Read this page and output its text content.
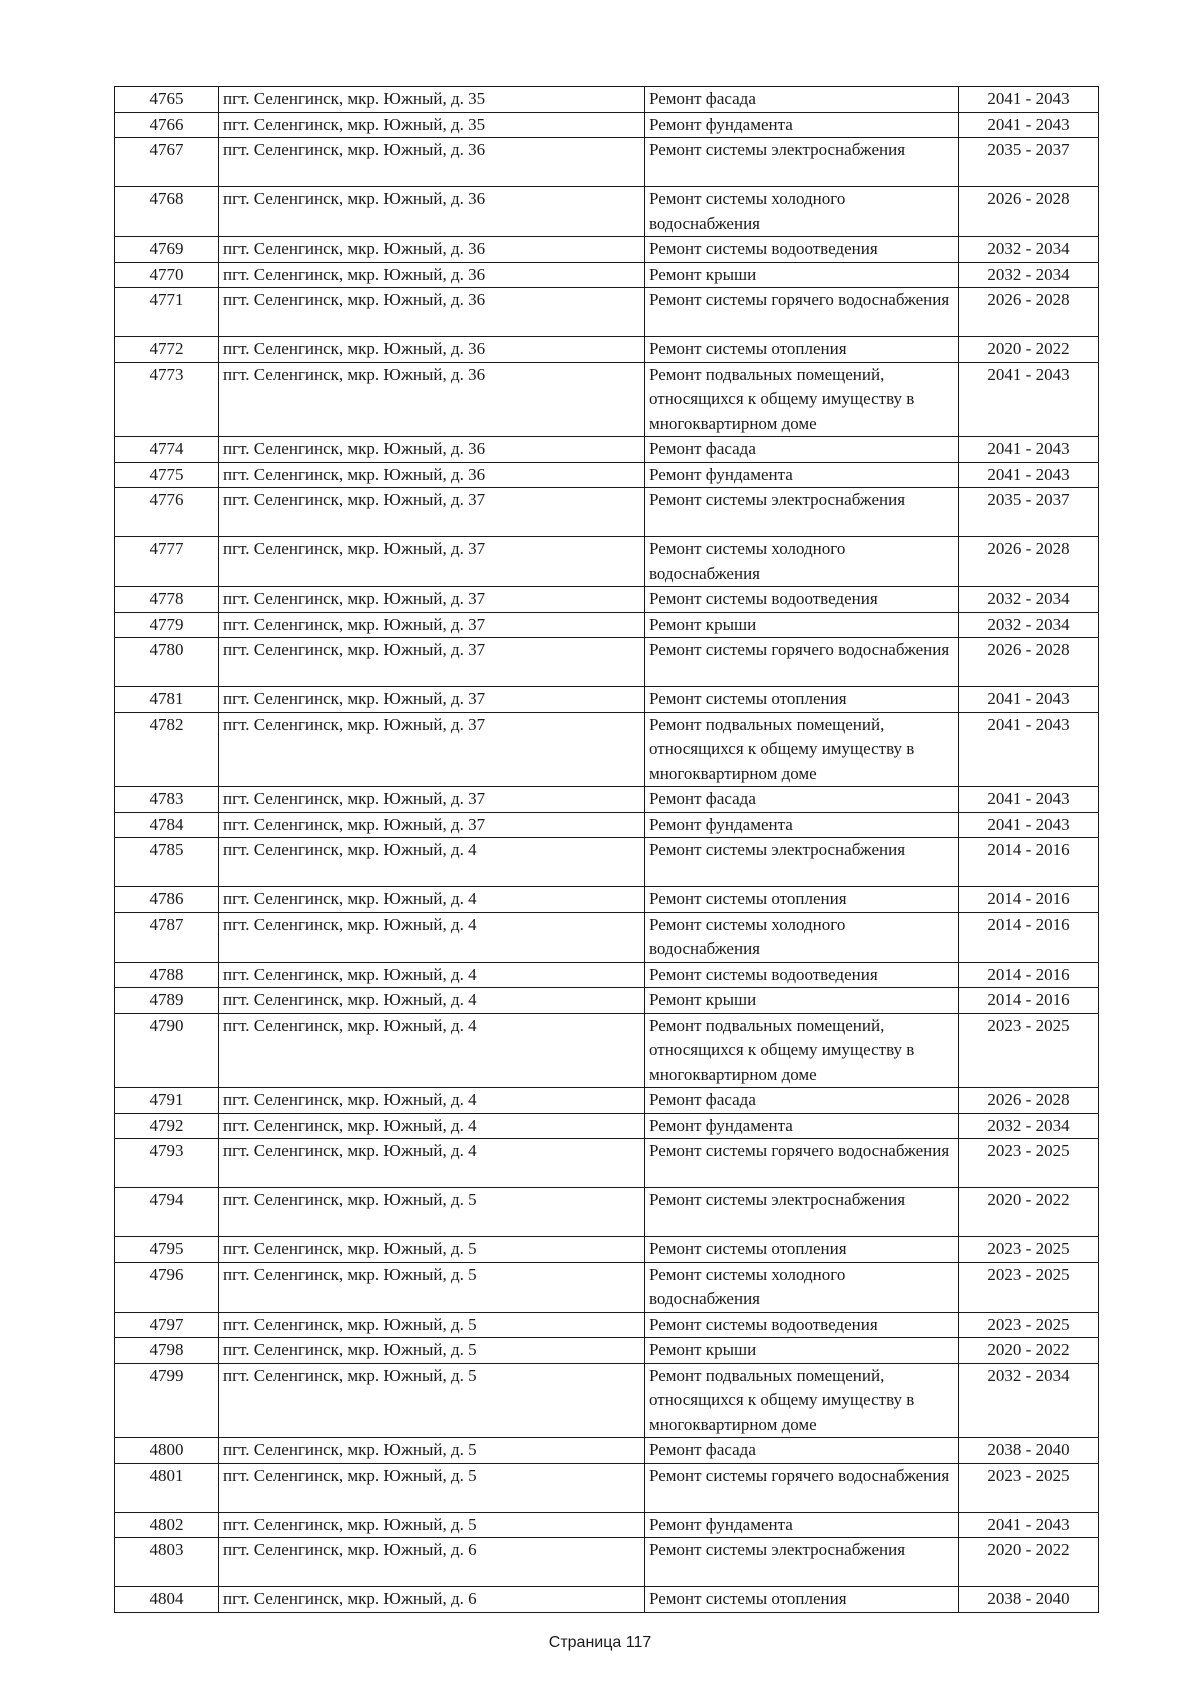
4765	пгт. Селенгинск, мкр. Южный, д. 35	Ремонт фасада	2041 - 2043
4766	пгт. Селенгинск, мкр. Южный, д. 35	Ремонт фундамента	2041 - 2043
4767	пгт. Селенгинск, мкр. Южный, д. 36	Ремонт системы электроснабжения	2035 - 2037
4768	пгт. Селенгинск, мкр. Южный, д. 36	Ремонт системы холодного водоснабжения	2026 - 2028
4769	пгт. Селенгинск, мкр. Южный, д. 36	Ремонт системы водоотведения	2032 - 2034
4770	пгт. Селенгинск, мкр. Южный, д. 36	Ремонт крыши	2032 - 2034
4771	пгт. Селенгинск, мкр. Южный, д. 36	Ремонт системы горячего водоснабжения	2026 - 2028
4772	пгт. Селенгинск, мкр. Южный, д. 36	Ремонт системы отопления	2020 - 2022
4773	пгт. Селенгинск, мкр. Южный, д. 36	Ремонт подвальных помещений, относящихся к общему имуществу в многоквартирном доме	2041 - 2043
4774	пгт. Селенгинск, мкр. Южный, д. 36	Ремонт фасада	2041 - 2043
4775	пгт. Селенгинск, мкр. Южный, д. 36	Ремонт фундамента	2041 - 2043
4776	пгт. Селенгинск, мкр. Южный, д. 37	Ремонт системы электроснабжения	2035 - 2037
4777	пгт. Селенгинск, мкр. Южный, д. 37	Ремонт системы холодного водоснабжения	2026 - 2028
4778	пгт. Селенгинск, мкр. Южный, д. 37	Ремонт системы водоотведения	2032 - 2034
4779	пгт. Селенгинск, мкр. Южный, д. 37	Ремонт крыши	2032 - 2034
4780	пгт. Селенгинск, мкр. Южный, д. 37	Ремонт системы горячего водоснабжения	2026 - 2028
4781	пгт. Селенгинск, мкр. Южный, д. 37	Ремонт системы отопления	2041 - 2043
4782	пгт. Селенгинск, мкр. Южный, д. 37	Ремонт подвальных помещений, относящихся к общему имуществу в многоквартирном доме	2041 - 2043
4783	пгт. Селенгинск, мкр. Южный, д. 37	Ремонт фасада	2041 - 2043
4784	пгт. Селенгинск, мкр. Южный, д. 37	Ремонт фундамента	2041 - 2043
4785	пгт. Селенгинск, мкр. Южный, д. 4	Ремонт системы электроснабжения	2014 - 2016
4786	пгт. Селенгинск, мкр. Южный, д. 4	Ремонт системы отопления	2014 - 2016
4787	пгт. Селенгинск, мкр. Южный, д. 4	Ремонт системы холодного водоснабжения	2014 - 2016
4788	пгт. Селенгинск, мкр. Южный, д. 4	Ремонт системы водоотведения	2014 - 2016
4789	пгт. Селенгинск, мкр. Южный, д. 4	Ремонт крыши	2014 - 2016
4790	пгт. Селенгинск, мкр. Южный, д. 4	Ремонт подвальных помещений, относящихся к общему имуществу в многоквартирном доме	2023 - 2025
4791	пгт. Селенгинск, мкр. Южный, д. 4	Ремонт фасада	2026 - 2028
4792	пгт. Селенгинск, мкр. Южный, д. 4	Ремонт фундамента	2032 - 2034
4793	пгт. Селенгинск, мкр. Южный, д. 4	Ремонт системы горячего водоснабжения	2023 - 2025
4794	пгт. Селенгинск, мкр. Южный, д. 5	Ремонт системы электроснабжения	2020 - 2022
4795	пгт. Селенгинск, мкр. Южный, д. 5	Ремонт системы отопления	2023 - 2025
4796	пгт. Селенгинск, мкр. Южный, д. 5	Ремонт системы холодного водоснабжения	2023 - 2025
4797	пгт. Селенгинск, мкр. Южный, д. 5	Ремонт системы водоотведения	2023 - 2025
4798	пгт. Селенгинск, мкр. Южный, д. 5	Ремонт крыши	2020 - 2022
4799	пгт. Селенгинск, мкр. Южный, д. 5	Ремонт подвальных помещений, относящихся к общему имуществу в многоквартирном доме	2032 - 2034
4800	пгт. Селенгинск, мкр. Южный, д. 5	Ремонт фасада	2038 - 2040
4801	пгт. Селенгинск, мкр. Южный, д. 5	Ремонт системы горячего водоснабжения	2023 - 2025
4802	пгт. Селенгинск, мкр. Южный, д. 5	Ремонт фундамента	2041 - 2043
4803	пгт. Селенгинск, мкр. Южный, д. 6	Ремонт системы электроснабжения	2020 - 2022
4804	пгт. Селенгинск, мкр. Южный, д. 6	Ремонт системы отопления	2038 - 2040
Страница 117
